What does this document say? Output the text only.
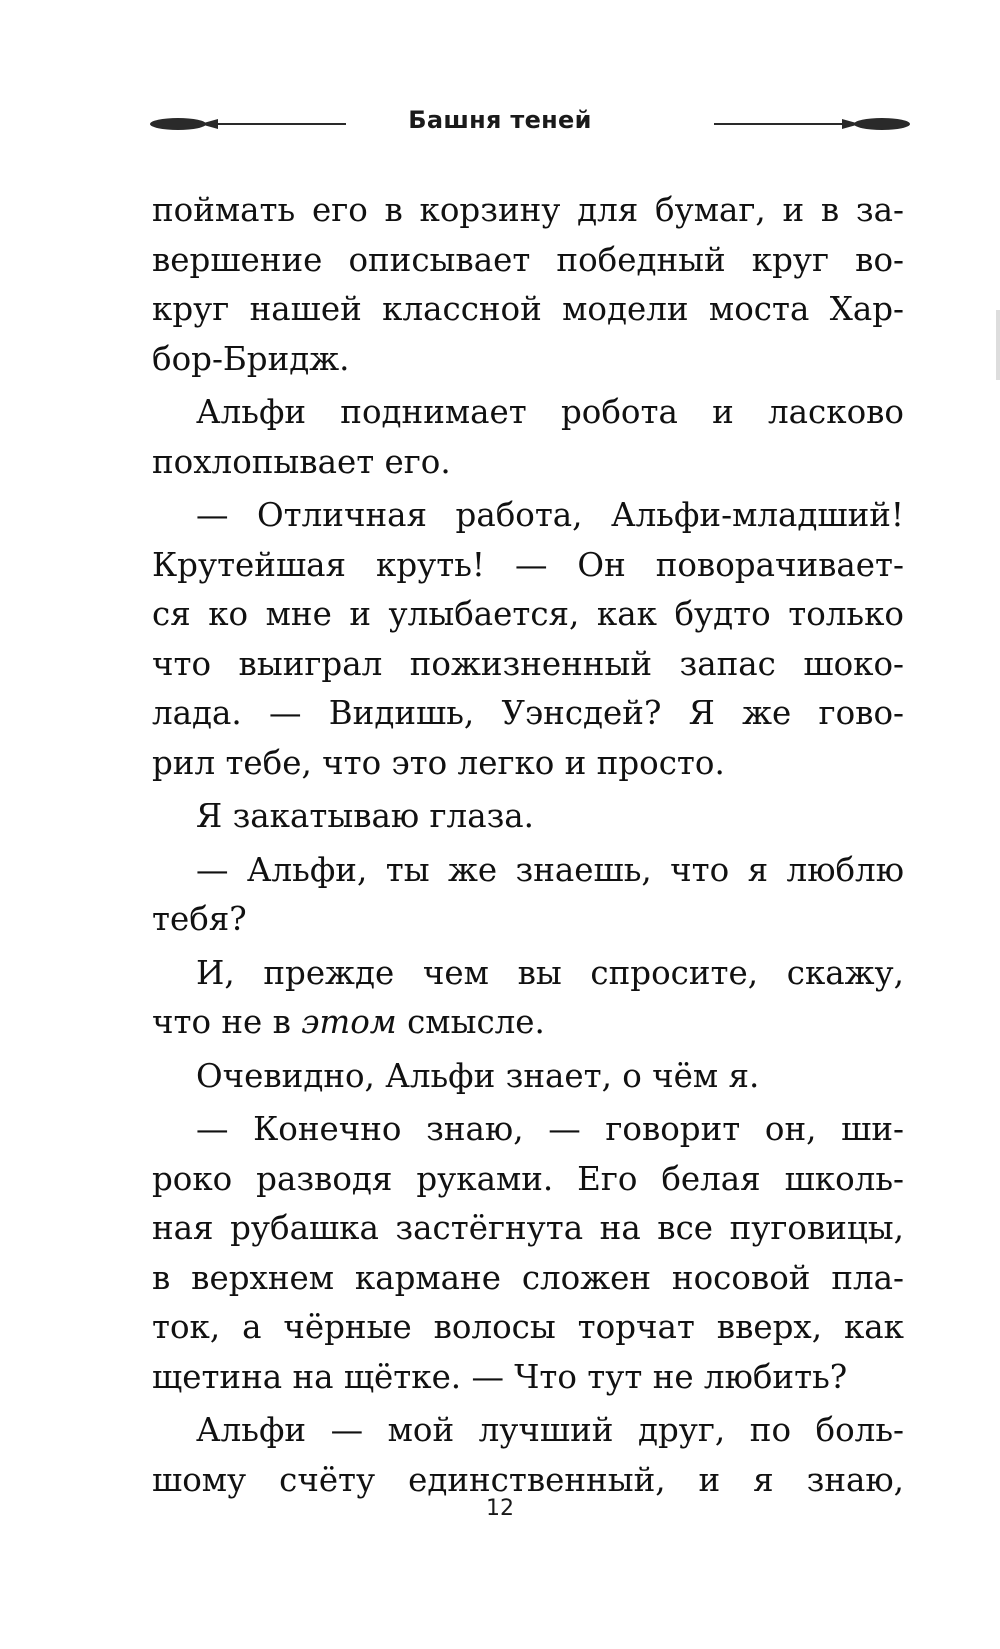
Башня теней
поймать его в корзину для бумаг, и в за-
вершение описывает победный круг во-
круг нашей классной модели моста Хар-
бор-Бридж.
Альфи поднимает робота и ласково
похлопывает его.
— Отличная работа, Альфи-младший!
Крутейшая круть! — Он поворачивает-
ся ко мне и улыбается, как будто только
что выиграл пожизненный запас шоко-
лада. — Видишь, Уэнсдей? Я же гово-
рил тебе, что это легко и просто.
Я закатываю глаза.
— Альфи, ты же знаешь, что я люблю
тебя?
И, прежде чем вы спросите, скажу,
что не в этом смысле.
Очевидно, Альфи знает, о чём я.
— Конечно знаю, — говорит он, ши-
роко разводя руками. Его белая школь-
ная рубашка застёгнута на все пуговицы,
в верхнем кармане сложен носовой пла-
ток, а чёрные волосы торчат вверх, как
щетина на щётке. — Что тут не любить?
Альфи — мой лучший друг, по боль-
шому счёту единственный, и я знаю,
12
